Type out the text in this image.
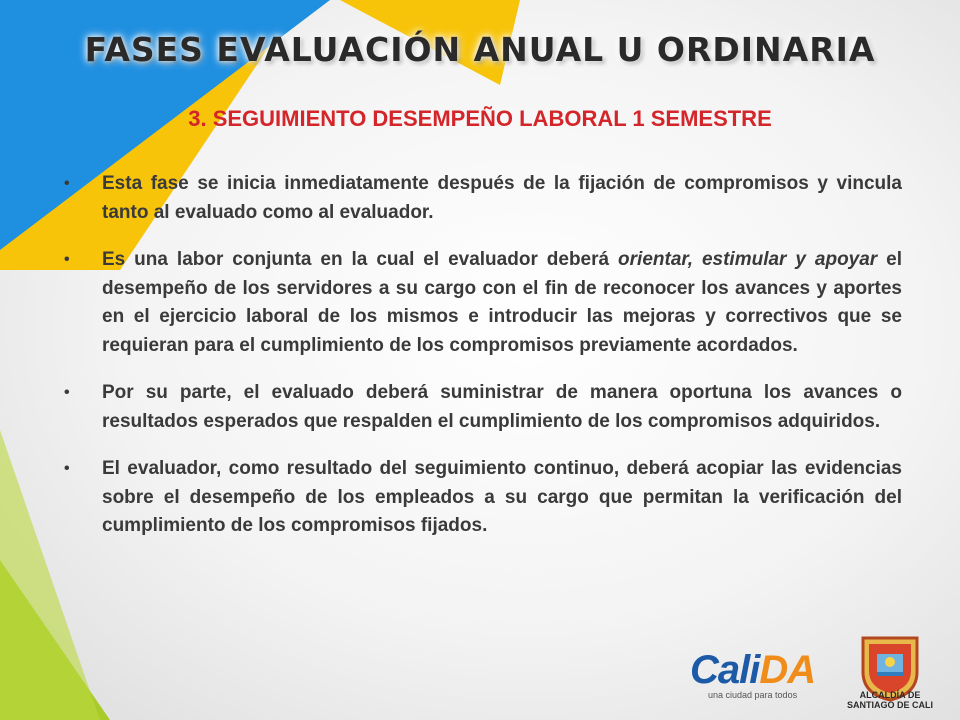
FASES EVALUACIÓN ANUAL U ORDINARIA
3. SEGUIMIENTO DESEMPEÑO LABORAL 1 SEMESTRE
• Esta fase se inicia inmediatamente después de la fijación de compromisos y vincula tanto al evaluado como al evaluador.
• Es una labor conjunta en la cual el evaluador deberá orientar, estimular y apoyar el desempeño de los servidores a su cargo con el fin de reconocer los avances y aportes en el ejercicio laboral de los mismos e introducir las mejoras y correctivos que se requieran para el cumplimiento de los compromisos previamente acordados.
• Por su parte, el evaluado deberá suministrar de manera oportuna los avances o resultados esperados que respalden el cumplimiento de los compromisos adquiridos.
• El evaluador, como resultado del seguimiento continuo, deberá acopiar las evidencias sobre el desempeño de los empleados a su cargo que permitan la verificación del cumplimiento de los compromisos fijados.
CaliDA
una ciudad para todos	ALCALDÍA DE
SANTIAGO DE CALI
